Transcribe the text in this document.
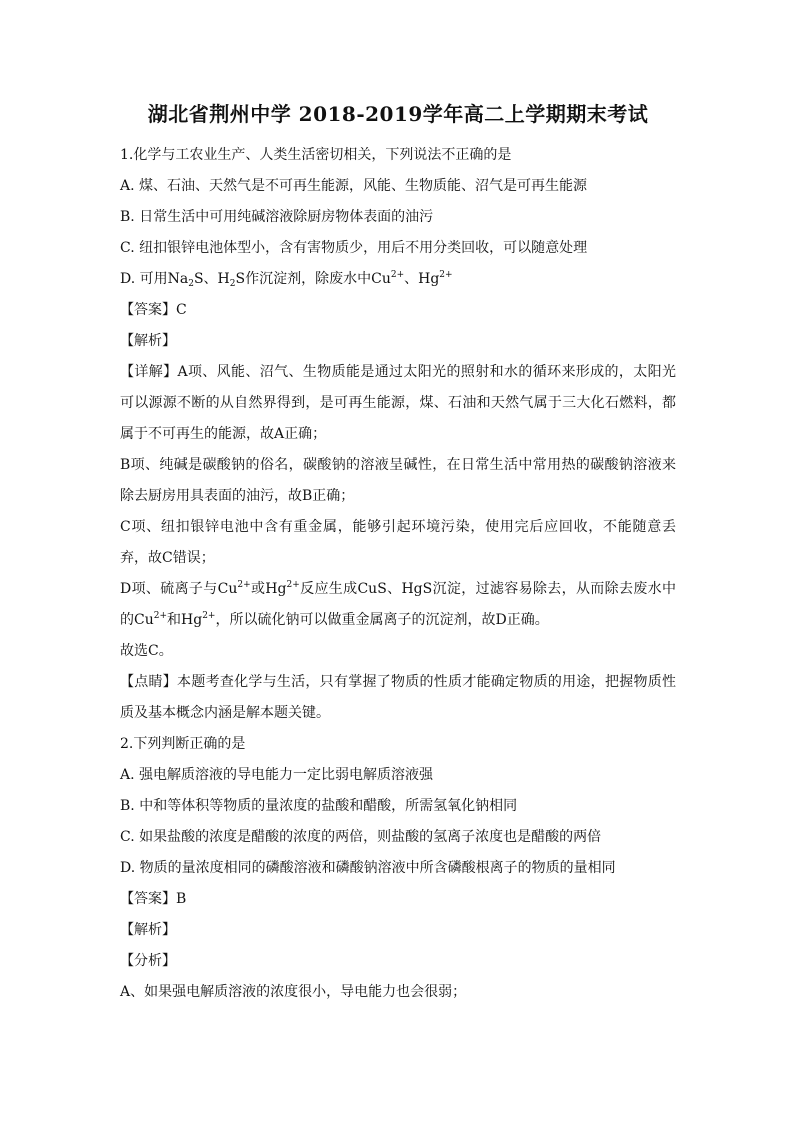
湖北省荆州中学 2018-2019学年高二上学期期末考试

1.化学与工农业生产、人类生活密切相关，下列说法不正确的是

A. 煤、石油、天然气是不可再生能源，风能、生物质能、沼气是可再生能源

B. 日常生活中可用纯碱溶液除厨房物体表面的油污

C. 纽扣银锌电池体型小，含有害物质少，用后不用分类回收，可以随意处理

D. 可用$Na_2S$、$H_2S$作沉淀剂，除废水中$Cu^{2+}$、$Hg^{2+}$

【答案】C

【解析】

【详解】A项、风能、沼气、生物质能是通过太阳光的照射和水的循环来形成的，太阳光可以源源不断的从自然界得到，是可再生能源，煤、石油和天然气属于三大化石燃料，都属于不可再生的能源，故A正确；

B项、纯碱是碳酸钠的俗名，碳酸钠的溶液呈碱性，在日常生活中常用热的碳酸钠溶液来除去厨房用具表面的油污，故B正确；

C项、纽扣银锌电池中含有重金属，能够引起环境污染，使用完后应回收，不能随意丢弃，故C错误；

D项、硫离子与$Cu^{2+}$或$Hg^{2+}$反应生成CuS、HgS沉淀，过滤容易除去，从而除去废水中的$Cu^{2+}$和$Hg^{2+}$，所以硫化钠可以做重金属离子的沉淀剂，故D正确。

故选C。

【点睛】本题考查化学与生活，只有掌握了物质的性质才能确定物质的用途，把握物质性质及基本概念内涵是解本题关键。

2.下列判断正确的是

A. 强电解质溶液的导电能力一定比弱电解质溶液强

B. 中和等体积等物质的量浓度的盐酸和醋酸，所需氢氧化钠相同

C. 如果盐酸的浓度是醋酸的浓度的两倍，则盐酸的氢离子浓度也是醋酸的两倍

D. 物质的量浓度相同的磷酸溶液和磷酸钠溶液中所含磷酸根离子的物质的量相同

【答案】B

【解析】

【分析】

A、如果强电解质溶液的浓度很小，导电能力也会很弱；
